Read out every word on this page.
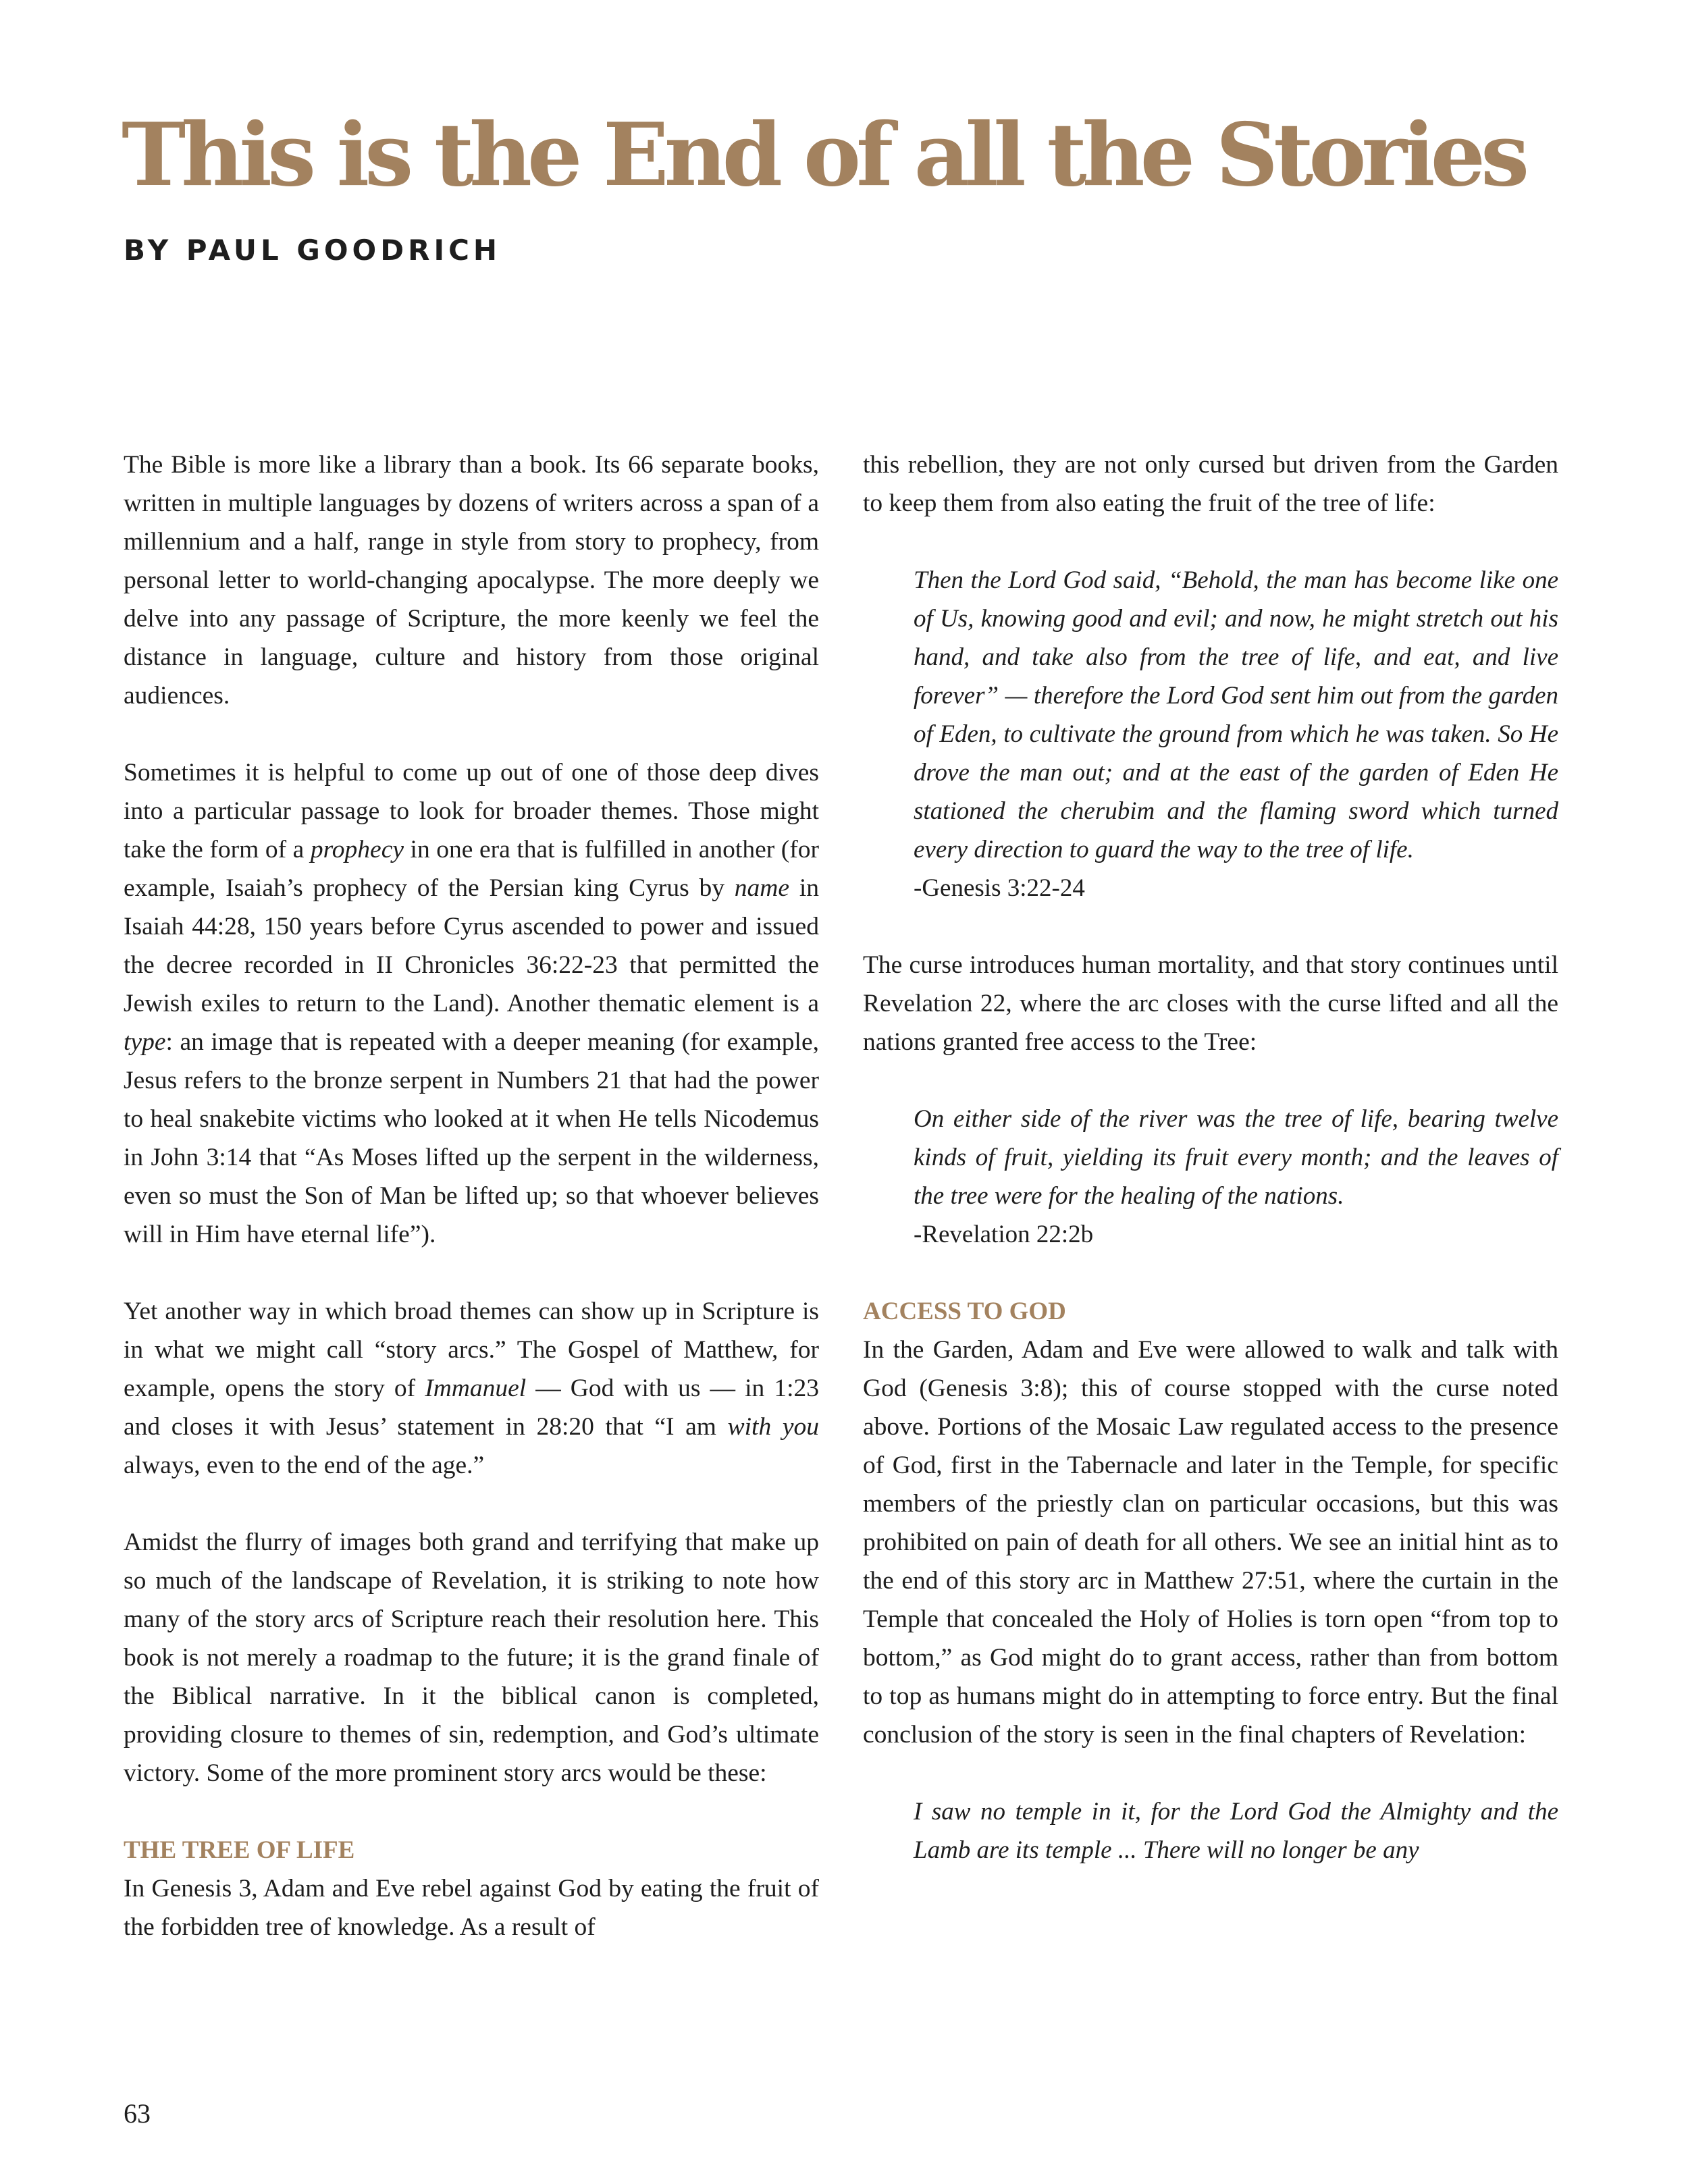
This is the End of all the Stories
BY PAUL GOODRICH

The Bible is more like a library than a book. Its 66 separate books, written in multiple languages by dozens of writers across a span of a millennium and a half, range in style from story to prophecy, from personal letter to world-changing apocalypse. The more deeply we delve into any passage of Scripture, the more keenly we feel the distance in language, culture and history from those original audiences.

Sometimes it is helpful to come up out of one of those deep dives into a particular passage to look for broader themes. Those might take the form of a prophecy in one era that is fulfilled in another (for example, Isaiah’s prophecy of the Persian king Cyrus by name in Isaiah 44:28, 150 years before Cyrus ascended to power and issued the decree recorded in II Chronicles 36:22-23 that permitted the Jewish exiles to return to the Land). Another thematic element is a type: an image that is repeated with a deeper meaning (for example, Jesus refers to the bronze serpent in Numbers 21 that had the power to heal snakebite victims who looked at it when He tells Nicodemus in John 3:14 that “As Moses lifted up the serpent in the wilderness, even so must the Son of Man be lifted up; so that whoever believes will in Him have eternal life”).

Yet another way in which broad themes can show up in Scripture is in what we might call “story arcs.” The Gospel of Matthew, for example, opens the story of Immanuel — God with us — in 1:23 and closes it with Jesus’ statement in 28:20 that “I am with you always, even to the end of the age.”

Amidst the flurry of images both grand and terrifying that make up so much of the landscape of Revelation, it is striking to note how many of the story arcs of Scripture reach their resolution here. This book is not merely a roadmap to the future; it is the grand finale of the Biblical narrative. In it the biblical canon is completed, providing closure to themes of sin, redemption, and God’s ultimate victory. Some of the more prominent story arcs would be these:

THE TREE OF LIFE

In Genesis 3, Adam and Eve rebel against God by eating the fruit of the forbidden tree of knowledge. As a result of

this rebellion, they are not only cursed but driven from the Garden to keep them from also eating the fruit of the tree of life:

Then the Lord God said, “Behold, the man has become like one of Us, knowing good and evil; and now, he might stretch out his hand, and take also from the tree of life, and eat, and live forever” — therefore the Lord God sent him out from the garden of Eden, to cultivate the ground from which he was taken. So He drove the man out; and at the east of the garden of Eden He stationed the cherubim and the flaming sword which turned every direction to guard the way to the tree of life.

-Genesis 3:22-24

The curse introduces human mortality, and that story continues until Revelation 22, where the arc closes with the curse lifted and all the nations granted free access to the Tree:

On either side of the river was the tree of life, bearing twelve kinds of fruit, yielding its fruit every month; and the leaves of the tree were for the healing of the nations.

-Revelation 22:2b

ACCESS TO GOD

In the Garden, Adam and Eve were allowed to walk and talk with God (Genesis 3:8); this of course stopped with the curse noted above. Portions of the Mosaic Law regulated access to the presence of God, first in the Tabernacle and later in the Temple, for specific members of the priestly clan on particular occasions, but this was prohibited on pain of death for all others. We see an initial hint as to the end of this story arc in Matthew 27:51, where the curtain in the Temple that concealed the Holy of Holies is torn open “from top to bottom,” as God might do to grant access, rather than from bottom to top as humans might do in attempting to force entry. But the final conclusion of the story is seen in the final chapters of Revelation:

I saw no temple in it, for the Lord God the Almighty and the Lamb are its temple ... There will no longer be any

63
